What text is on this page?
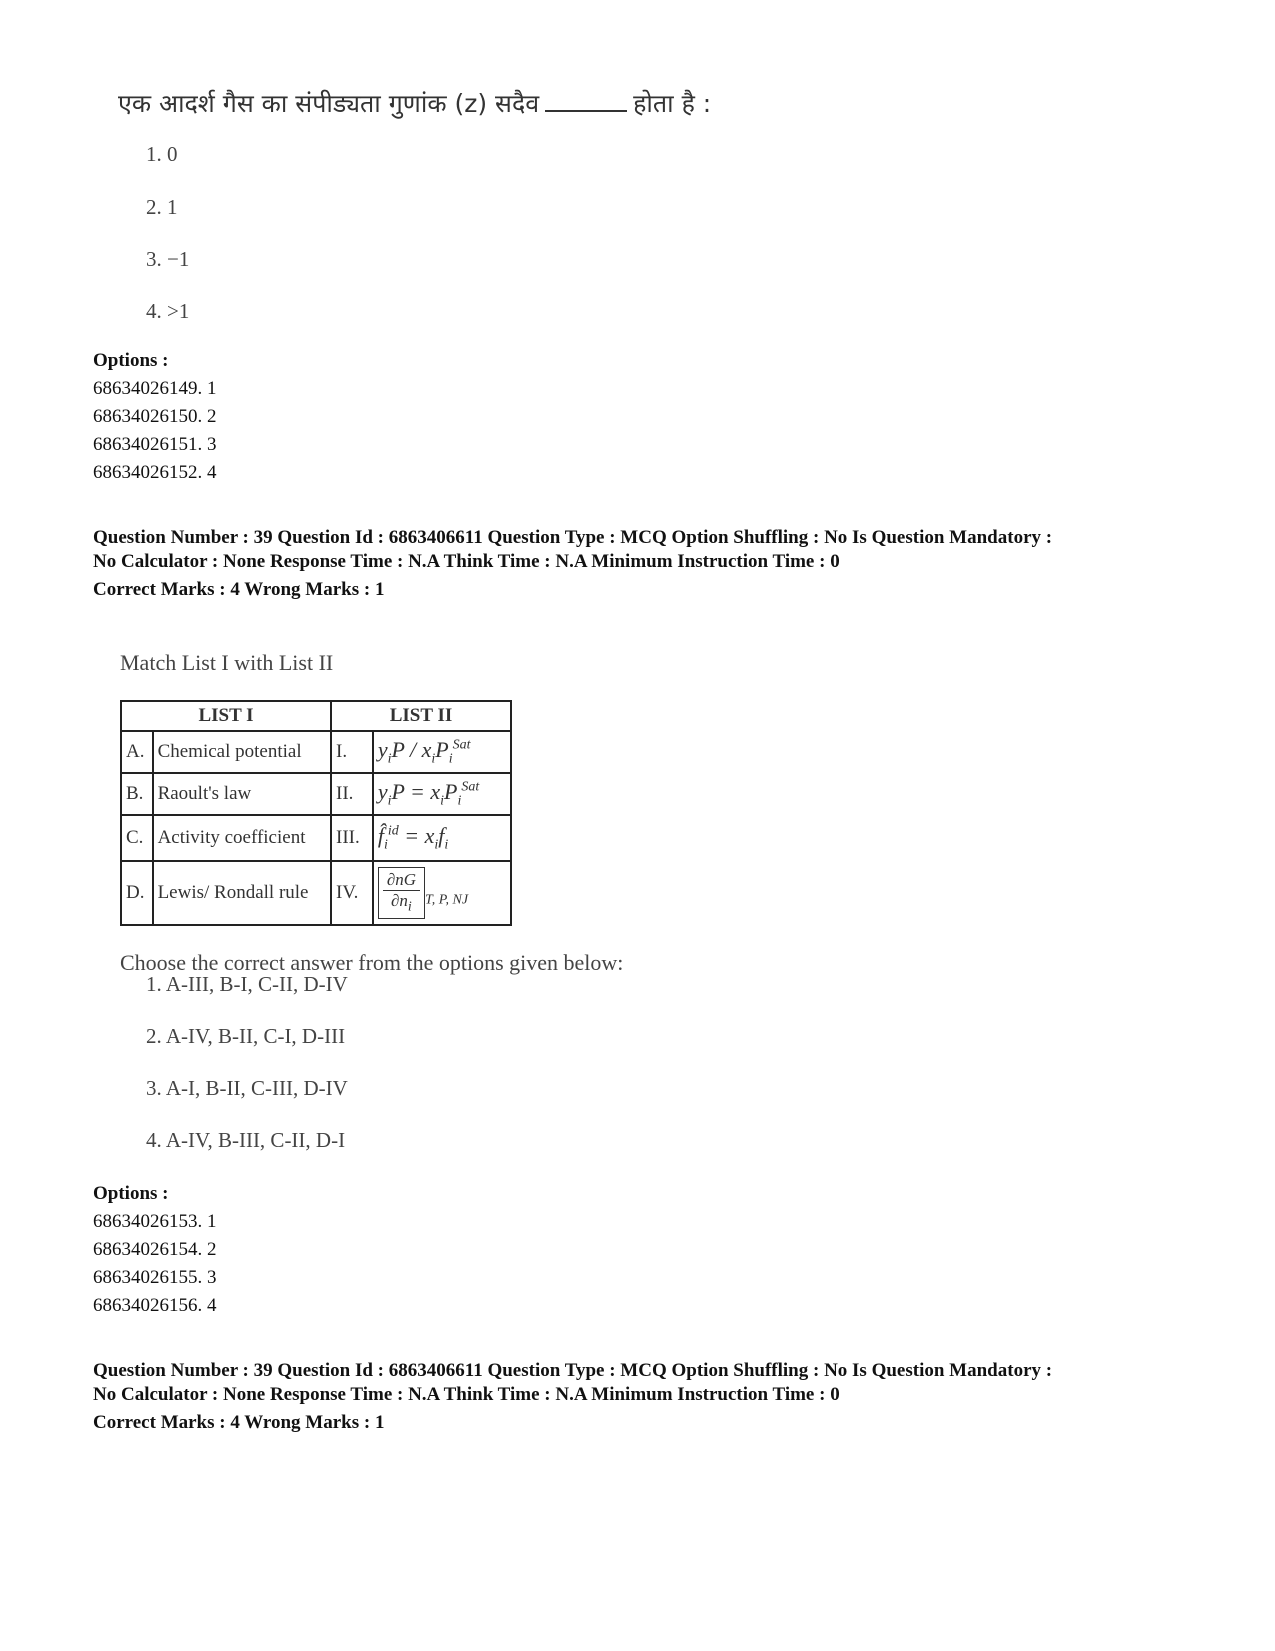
एक आदर्श गैस का संपीड्यता गुणांक (z) सदैव	होता है :
1. 0
2. 1
3. −1
4. >1
Options :
68634026149. 1
68634026150. 2
68634026151. 3
68634026152. 4
Question Number : 39 Question Id : 6863406611 Question Type : MCQ Option Shuffling : No Is Question Mandatory :
No Calculator : None Response Time : N.A Think Time : N.A Minimum Instruction Time : 0
Correct Marks : 4 Wrong Marks : 1
Match List I with List II
LIST I		LIST II	
A.	Chemical potential	I.	$y_iP / x_iP_i^{Sat}$
B.	Raoult's law	II.	$y_iP = x_iP_i^{Sat}$
C.	Activity coefficient	III.	$f̂_i^{id} = x_if_i$
D.	Lewis/ Rondall rule	IV.	$\frac{\partial nG}{\partial n_i} _{T, P, NJ}$
Choose the correct answer from the options given below:
1. A-III, B-I, C-II, D-IV
2. A-IV, B-II, C-I, D-III
3. A-I, B-II, C-III, D-IV
4. A-IV, B-III, C-II, D-I
Options :
68634026153. 1
68634026154. 2
68634026155. 3
68634026156. 4
Question Number : 39 Question Id : 6863406611 Question Type : MCQ Option Shuffling : No Is Question Mandatory :
No Calculator : None Response Time : N.A Think Time : N.A Minimum Instruction Time : 0
Correct Marks : 4 Wrong Marks : 1
